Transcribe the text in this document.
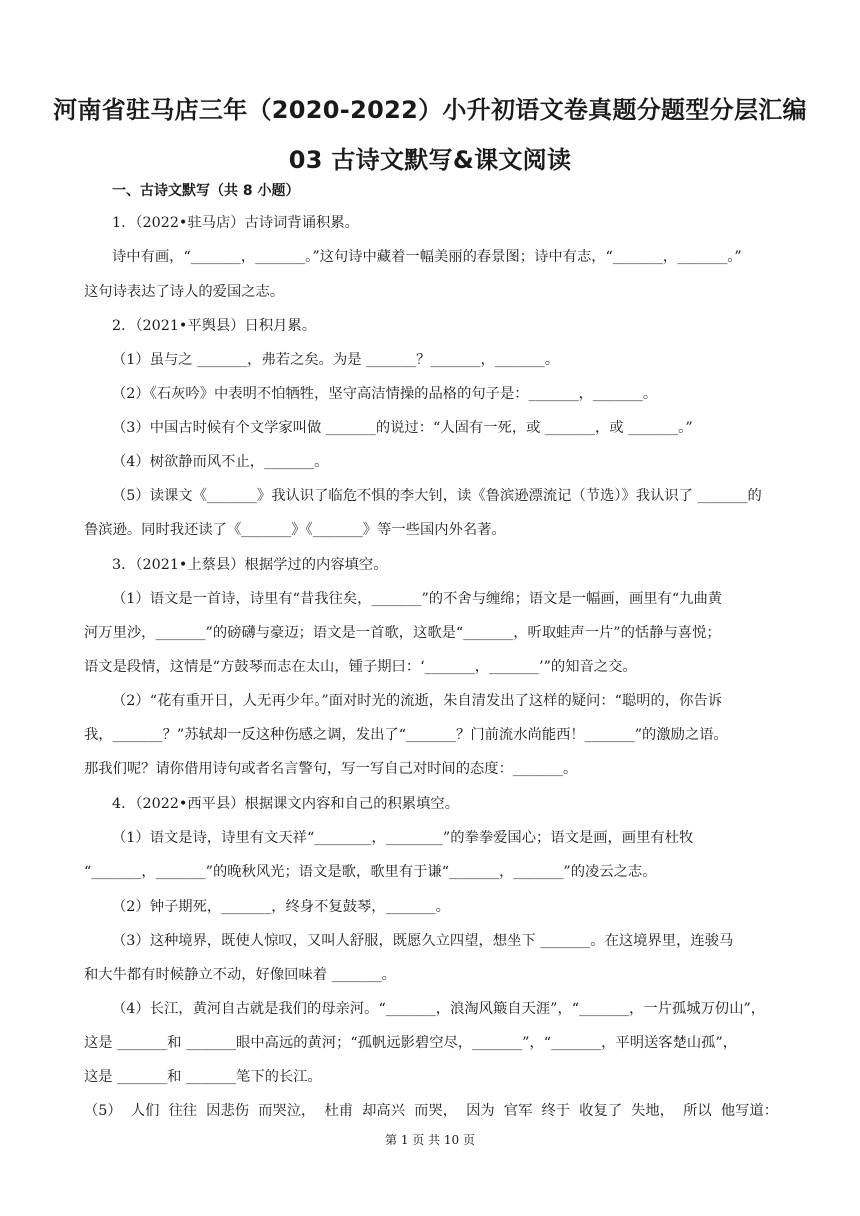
河南省驻马店三年（2020-2022）小升初语文卷真题分题型分层汇编
03 古诗文默写&课文阅读
一、古诗文默写（共 8 小题）
1．（2022•驻马店）古诗词背诵积累。
诗中有画，“_______，_______。”这句诗中藏着一幅美丽的春景图；诗中有志，“_______，_______。”
这句诗表达了诗人的爱国之志。
2．（2021•平舆县）日积月累。
（1）虽与之 _______，弗若之矣。为是 _______？_______，_______。
（2）《石灰吟》中表明不怕牺牲，坚守高洁情操的品格的句子是：_______，_______。
（3）中国古时候有个文学家叫做 _______的说过：“人固有一死，或 _______，或 _______。”
（4）树欲静而风不止，_______。
（5）读课文《_______》我认识了临危不惧的李大钊，读《鲁滨逊漂流记（节选）》我认识了 _______的
鲁滨逊。同时我还读了《_______》《_______》等一些国内外名著。
3．（2021•上蔡县）根据学过的内容填空。
（1）语文是一首诗，诗里有“昔我往矣，_______”的不舍与缠绵；语文是一幅画，画里有“九曲黄
河万里沙，_______”的磅礴与豪迈；语文是一首歌，这歌是“_______，听取蛙声一片”的恬静与喜悦；
语文是段情，这情是“方鼓琴而志在太山，锺子期曰：‘_______，_______’”的知音之交。
（2）“花有重开日，人无再少年。”面对时光的流逝，朱自清发出了这样的疑问：“聪明的，你告诉
我，_______？”苏轼却一反这种伤感之调，发出了“_______？门前流水尚能西！_______”的激励之语。
那我们呢？请你借用诗句或者名言警句，写一写自己对时间的态度：_______。
4．（2022•西平县）根据课文内容和自己的积累填空。
（1）语文是诗，诗里有文天祥“________，________”的拳拳爱国心；语文是画，画里有杜牧
“_______，_______”的晚秋风光；语文是歌，歌里有于谦“_______，_______”的凌云之志。
（2）钟子期死，_______，终身不复鼓琴，_______。
（3）这种境界，既使人惊叹，又叫人舒服，既愿久立四望，想坐下 _______。在这境界里，连骏马
和大牛都有时候静立不动，好像回味着 _______。
（4）长江，黄河自古就是我们的母亲河。“_______，浪淘风簸自天涯”，“_______，一片孤城万仞山”，
这是 _______和 _______眼中高远的黄河；“孤帆远影碧空尽，_______”，“_______，平明送客楚山孤”，
这是 _______和 _______笔下的长江。
（5） 人们 往往 因悲伤 而哭泣， 杜甫 却高兴 而哭， 因为 官军 终于 收复了 失地， 所以 他写道：
第 1 页 共 10 页
